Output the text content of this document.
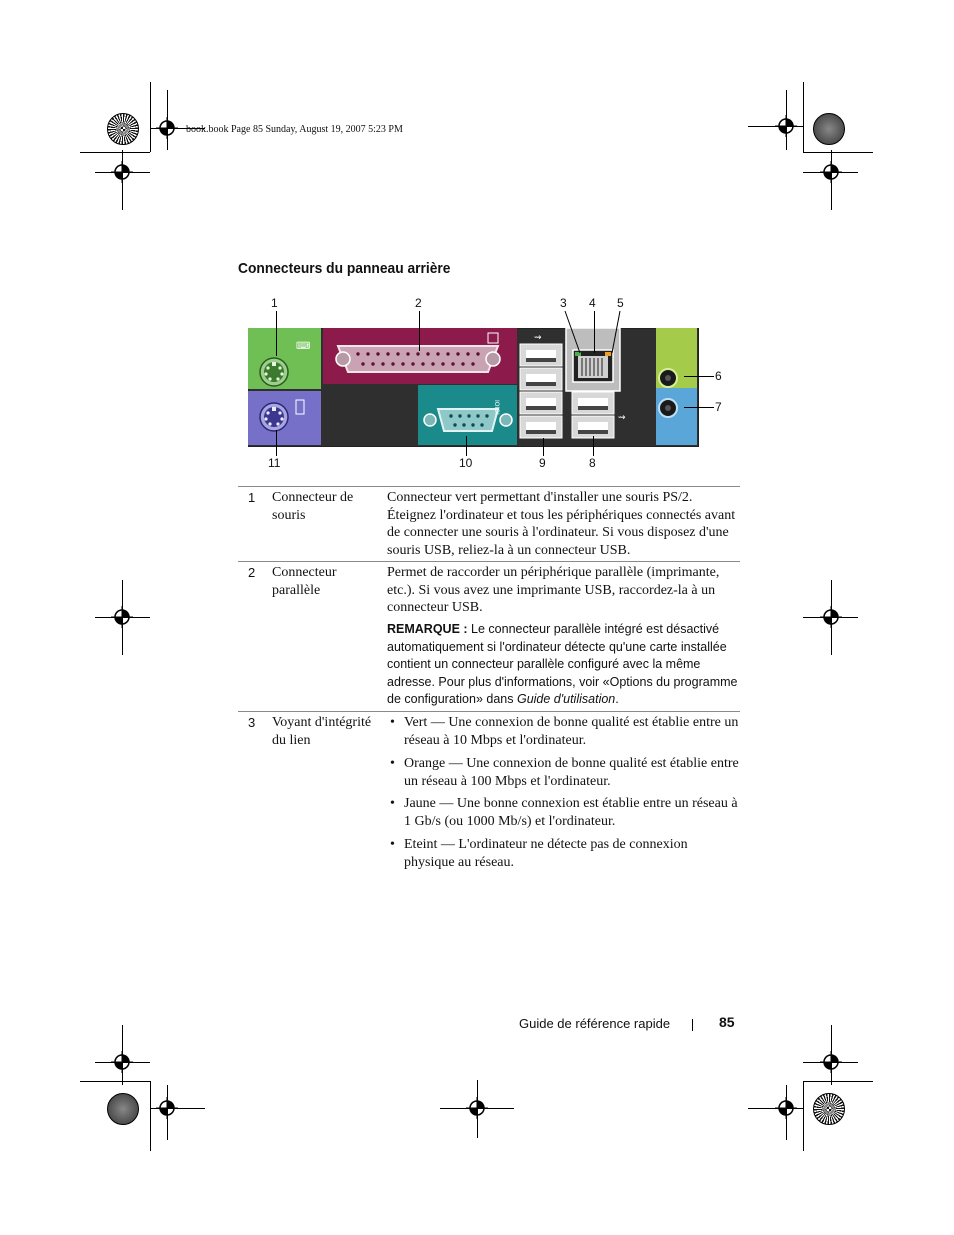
book.book Page 85 Sunday, August 19, 2007 5:23 PM
Connecteurs du panneau arrière
⌨
IOIOI
⇝
⇝
1	2	3 4 5
6
7
8
9
10
11
1 Connecteur de souris
Connecteur vert permettant d'installer une souris PS/2. Éteignez l'ordinateur et tous les périphériques connectés avant de connecter une souris à l'ordinateur. Si vous disposez d'une souris USB, reliez-la à un connecteur USB.
2 Connecteur parallèle
Permet de raccorder un périphérique parallèle (imprimante, etc.). Si vous avez une imprimante USB, raccordez-la à un connecteur USB.
REMARQUE : Le connecteur parallèle intégré est désactivé automatiquement si l'ordinateur détecte qu'une carte installée contient un connecteur parallèle configuré avec la même adresse. Pour plus d'informations, voir «Options du programme de configuration» dans Guide d'utilisation.
3 Voyant d'intégrité du lien
• Vert — Une connexion de bonne qualité est établie entre un réseau à 10 Mbps et l'ordinateur.
• Orange — Une connexion de bonne qualité est établie entre un réseau à 100 Mbps et l'ordinateur.
• Jaune — Une bonne connexion est établie entre un réseau à 1 Gb/s (ou 1000 Mb/s) et l'ordinateur.
• Eteint — L'ordinateur ne détecte pas de connexion physique au réseau.
Guide de référence rapide	85
